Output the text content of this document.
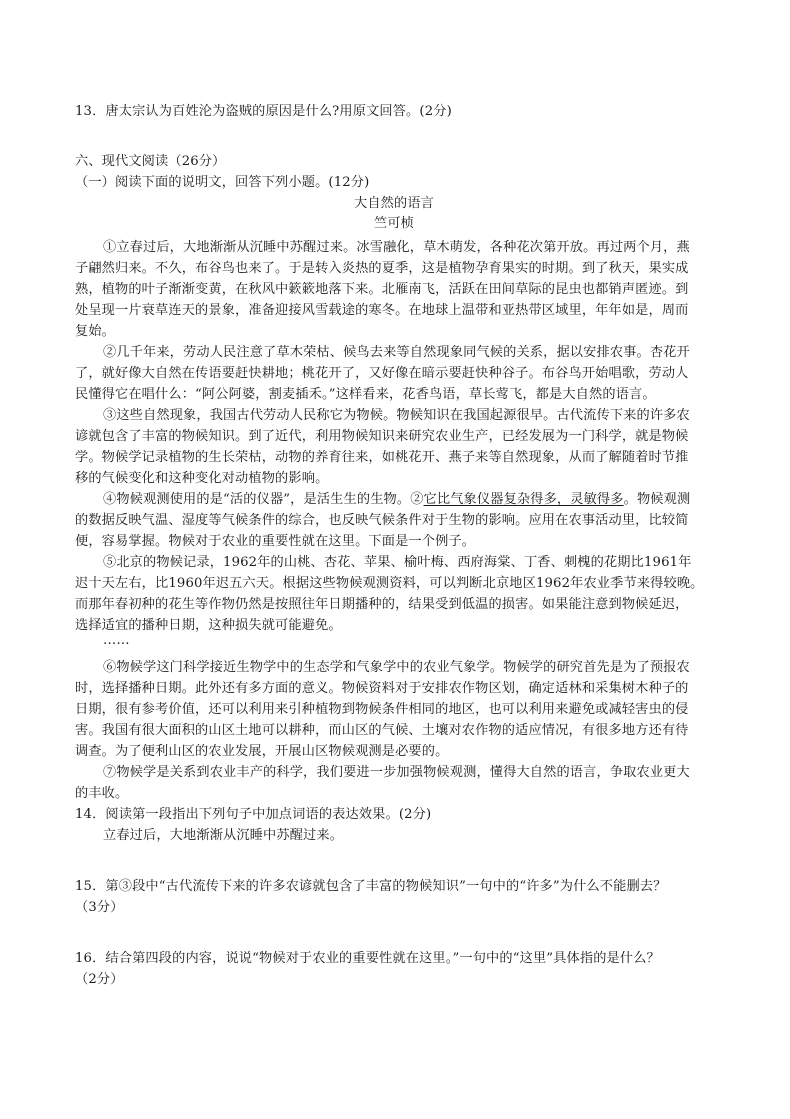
13．唐太宗认为百姓沦为盗贼的原因是什么?用原文回答。(2分)
六、现代文阅读（26分）
（一）阅读下面的说明文，回答下列小题。(12分)
大自然的语言
竺可桢
①立春过后，大地渐渐从沉睡中苏醒过来。冰雪融化，草木萌发，各种花次第开放。再过两个月，燕
子翩然归来。不久，布谷鸟也来了。于是转入炎热的夏季，这是植物孕育果实的时期。到了秋天，果实成
熟，植物的叶子渐渐变黄，在秋风中簌簌地落下来。北雁南飞，活跃在田间草际的昆虫也都销声匿迹。到
处呈现一片衰草连天的景象，准备迎接风雪载途的寒冬。在地球上温带和亚热带区域里，年年如是，周而
复始。
②几千年来，劳动人民注意了草木荣枯、候鸟去来等自然现象同气候的关系，据以安排农事。杏花开
了，就好像大自然在传语要赶快耕地；桃花开了，又好像在暗示要赶快种谷子。布谷鸟开始唱歌，劳动人
民懂得它在唱什么：“阿公阿婆，割麦插禾。”这样看来，花香鸟语，草长莺飞，都是大自然的语言。
③这些自然现象，我国古代劳动人民称它为物候。物候知识在我国起源很早。古代流传下来的许多农
谚就包含了丰富的物候知识。到了近代，利用物候知识来研究农业生产，已经发展为一门科学，就是物候
学。物候学记录植物的生长荣枯，动物的养育往来，如桃花开、燕子来等自然现象，从而了解随着时节推
移的气候变化和这种变化对动植物的影响。
④物候观测使用的是“活的仪器”，是活生生的生物。②它比气象仪器复杂得多，灵敏得多。物候观测
的数据反映气温、湿度等气候条件的综合，也反映气候条件对于生物的影响。应用在农事活动里，比较简
便，容易掌握。物候对于农业的重要性就在这里。下面是一个例子。
⑤北京的物候记录，1962年的山桃、杏花、苹果、榆叶梅、西府海棠、丁香、刺槐的花期比1961年
迟十天左右，比1960年迟五六天。根据这些物候观测资料，可以判断北京地区1962年农业季节来得较晚。
而那年春初种的花生等作物仍然是按照往年日期播种的，结果受到低温的损害。如果能注意到物候延迟，
选择适宜的播种日期，这种损失就可能避免。
……
⑥物候学这门科学接近生物学中的生态学和气象学中的农业气象学。物候学的研究首先是为了预报农
时，选择播种日期。此外还有多方面的意义。物候资料对于安排农作物区划，确定适林和采集树木种子的
日期，很有参考价值，还可以利用来引种植物到物候条件相同的地区，也可以利用来避免或减轻害虫的侵
害。我国有很大面积的山区土地可以耕种，而山区的气候、土壤对农作物的适应情况，有很多地方还有待
调查。为了便利山区的农业发展，开展山区物候观测是必要的。
⑦物候学是关系到农业丰产的科学，我们要进一步加强物候观测，懂得大自然的语言，争取农业更大
的丰收。
14．阅读第一段指出下列句子中加点词语的表达效果。(2分)
立春过后，大地渐渐从沉睡中苏醒过来。
15．第③段中“古代流传下来的许多农谚就包含了丰富的物候知识”一句中的“许多”为什么不能删去？
（3分）
16．结合第四段的内容，说说“物候对于农业的重要性就在这里。”一句中的“这里”具体指的是什么？
（2分）
